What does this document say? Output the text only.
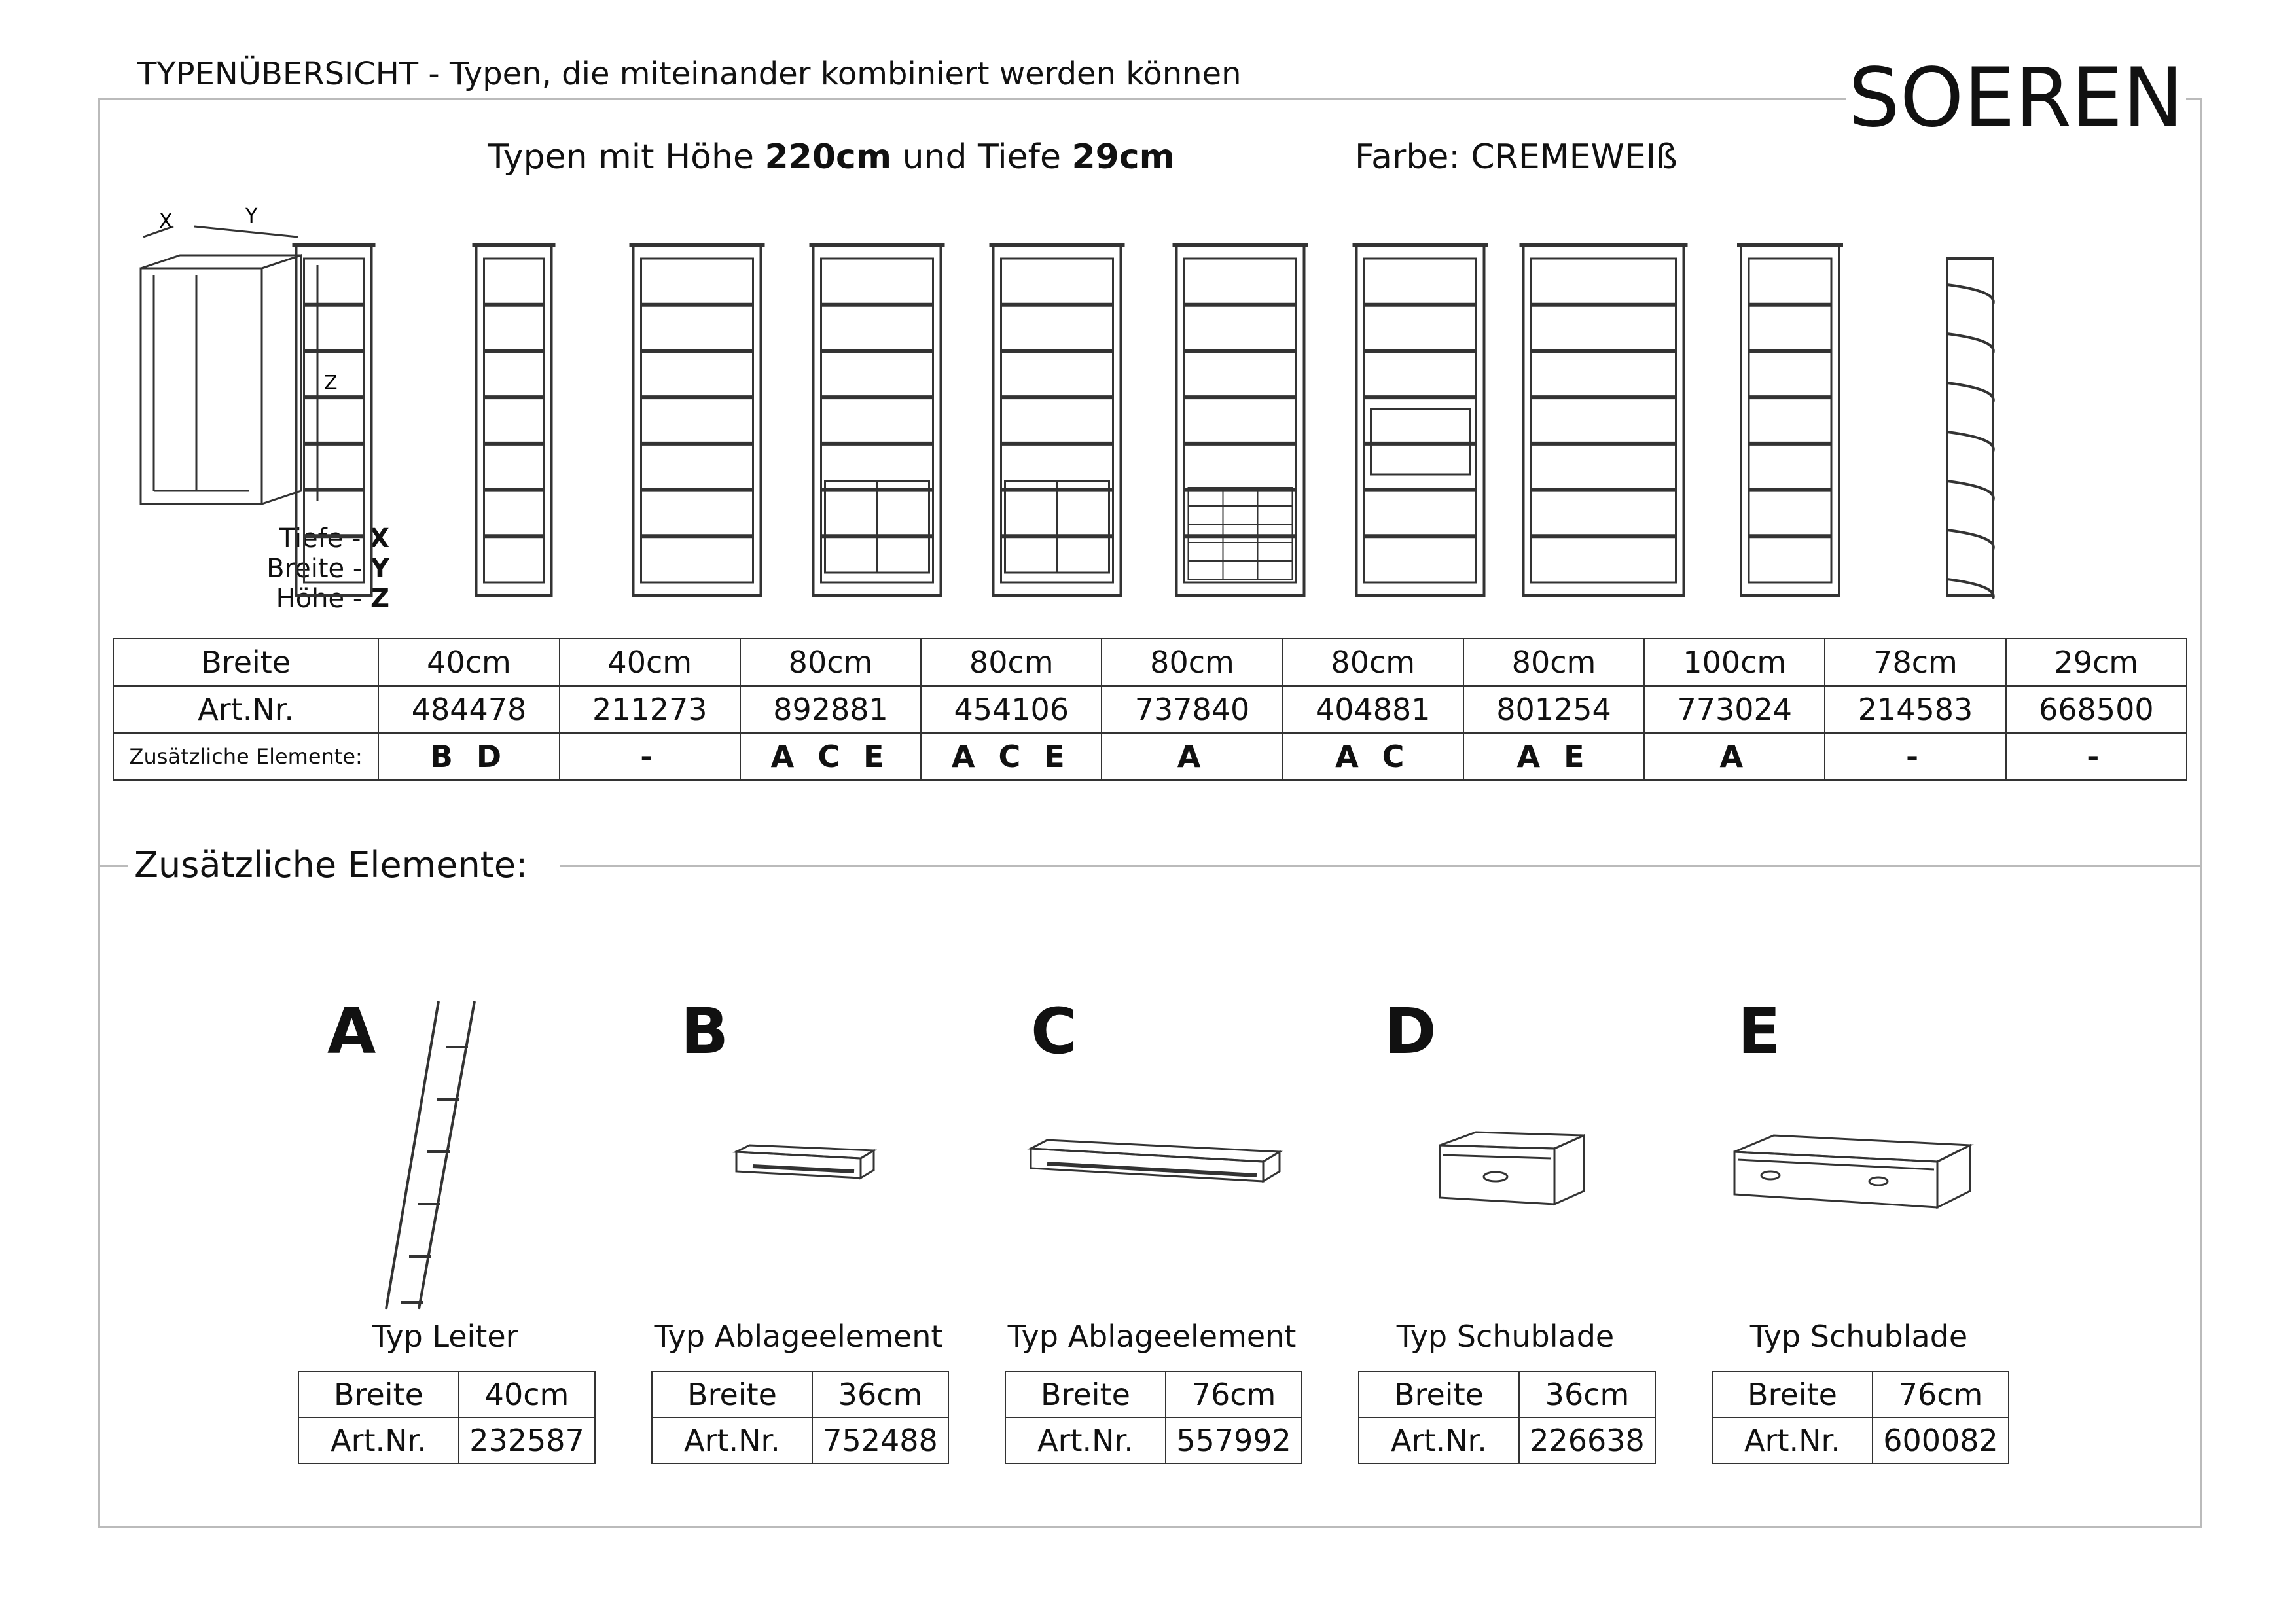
TYPENÜBERSICHT - Typen, die miteinander kombiniert werden können	SOEREN
Typen mit Höhe 220cm und Tiefe 29cm	Farbe: CREMEWEIß
X	Y
Z
Tiefe - X
Breite - Y
Höhe - Z
Breite	40cm	40cm	80cm	80cm	80cm	80cm	80cm	100cm	78cm	29cm
Art.Nr.	484478	211273	892881	454106	737840	404881	801254	773024	214583	668500
Zusätzliche Elemente:	B D	-	A C E	A C E	A	A C	A E	A	-	-
Zusätzliche Elemente:
A	B	C	D	E
Typ Leiter	Typ Ablageelement	Typ Ablageelement	Typ Schublade	Typ Schublade
Breite	40cm
Art.Nr.	232587
Breite	36cm
Art.Nr.	752488
Breite	76cm
Art.Nr.	557992
Breite	36cm
Art.Nr.	226638
Breite	76cm
Art.Nr.	600082
